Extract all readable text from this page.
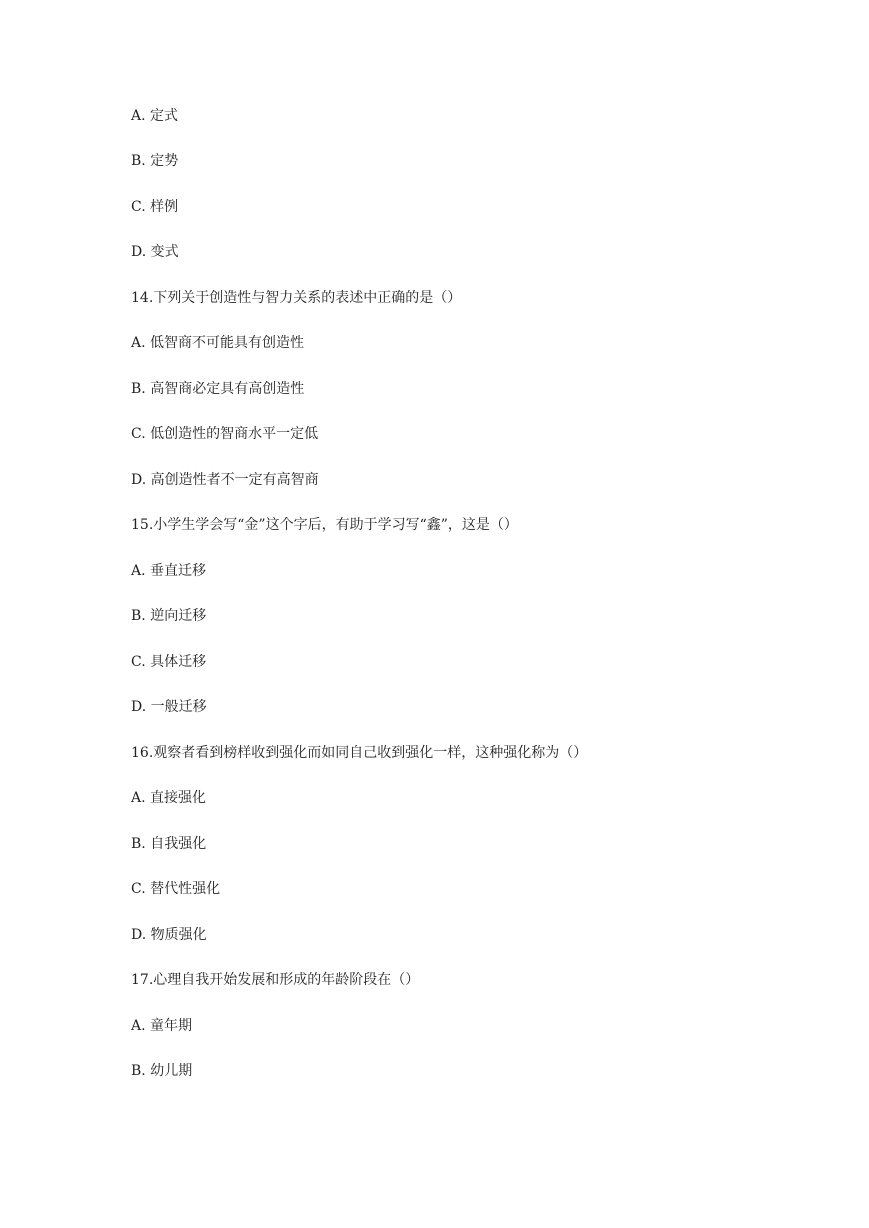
A. 定式
B. 定势
C. 样例
D. 变式
14.下列关于创造性与智力关系的表述中正确的是（）
A. 低智商不可能具有创造性
B. 高智商必定具有高创造性
C. 低创造性的智商水平一定低
D. 高创造性者不一定有高智商
15.小学生学会写“金”这个字后，有助于学习写“鑫”，这是（）
A. 垂直迁移
B. 逆向迁移
C. 具体迁移
D. 一般迁移
16.观察者看到榜样收到强化而如同自己收到强化一样，这种强化称为（）
A. 直接强化
B. 自我强化
C. 替代性强化
D. 物质强化
17.心理自我开始发展和形成的年龄阶段在（）
A. 童年期
B. 幼儿期
